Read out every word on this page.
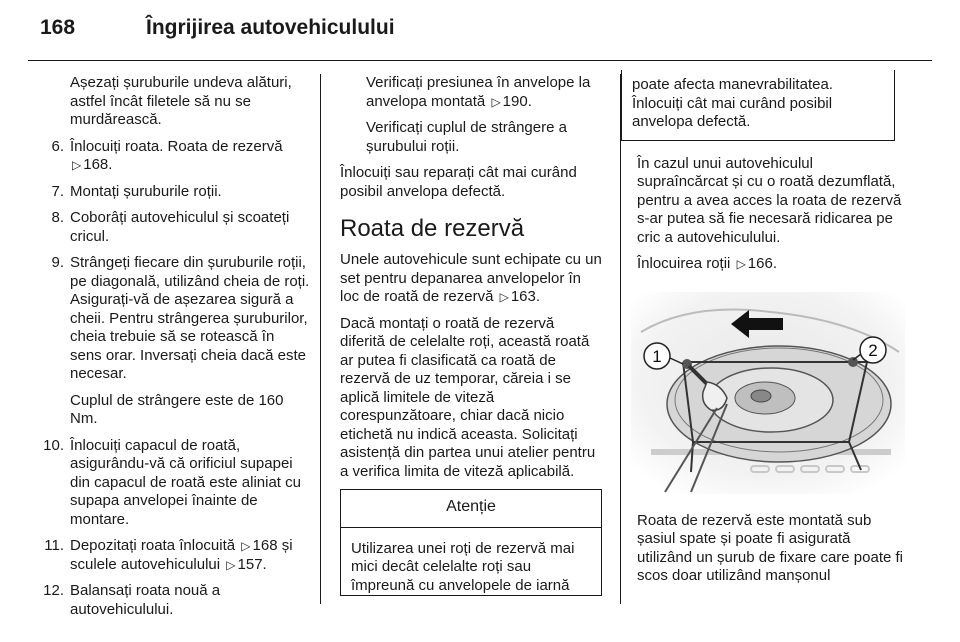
168	Îngrijirea autovehiculului

Așezați șuruburile undeva alături, astfel încât filetele să nu se murdărească.

6. Înlocuiți roata. Roata de rezervă
▷ 168.
7. Montați șuruburile roții.
8. Coborâți autovehiculul și scoateți cricul.
9. Strângeți fiecare din șuruburile roții, pe diagonală, utilizând cheia de roți. Asigurați-vă de așezarea sigură a cheii. Pentru strângerea șuruburilor, cheia trebuie să se rotească în sens orar. Inversați cheia dacă este necesar.

Cuplul de strângere este de 160 Nm.

10. Înlocuiți capacul de roată, asigurându-vă că orificiul supapei din capacul de roată este aliniat cu supapa anvelopei înainte de montare.
11. Depozitați roata înlocuită ▷ 168 și sculele autovehiculului ▷ 157.
12. Balansați roata nouă a autovehiculului.

Verificați presiunea în anvelope la anvelopa montată ▷ 190.

Verificați cuplul de strângere a șurubului roții.

Înlocuiți sau reparați cât mai curând posibil anvelopa defectă.

Roata de rezervă

Unele autovehicule sunt echipate cu un set pentru depanarea anvelopelor în loc de roată de rezervă ▷ 163.

Dacă montați o roată de rezervă diferită de celelalte roți, această roată ar putea fi clasificată ca roată de rezervă de uz temporar, căreia i se aplică limitele de viteză corespunzătoare, chiar dacă nicio etichetă nu indică aceasta. Solicitați asistență din partea unui atelier pentru a verifica limita de viteză aplicabilă.

Atenție
Utilizarea unei roți de rezervă mai mici decât celelalte roți sau împreună cu anvelopele de iarnă
poate afecta manevrabilitatea. Înlocuiți cât mai curând posibil anvelopa defectă.

În cazul unui autovehiculul supraîncărcat și cu o roată dezumflată, pentru a avea acces la roata de rezervă s-ar putea să fie necesară ridicarea pe cric a autovehiculului.

Înlocuirea roții ▷ 166.

1	2

Roata de rezervă este montată sub șasiul spate și poate fi asigurată utilizând un șurub de fixare care poate fi scos doar utilizând manșonul
